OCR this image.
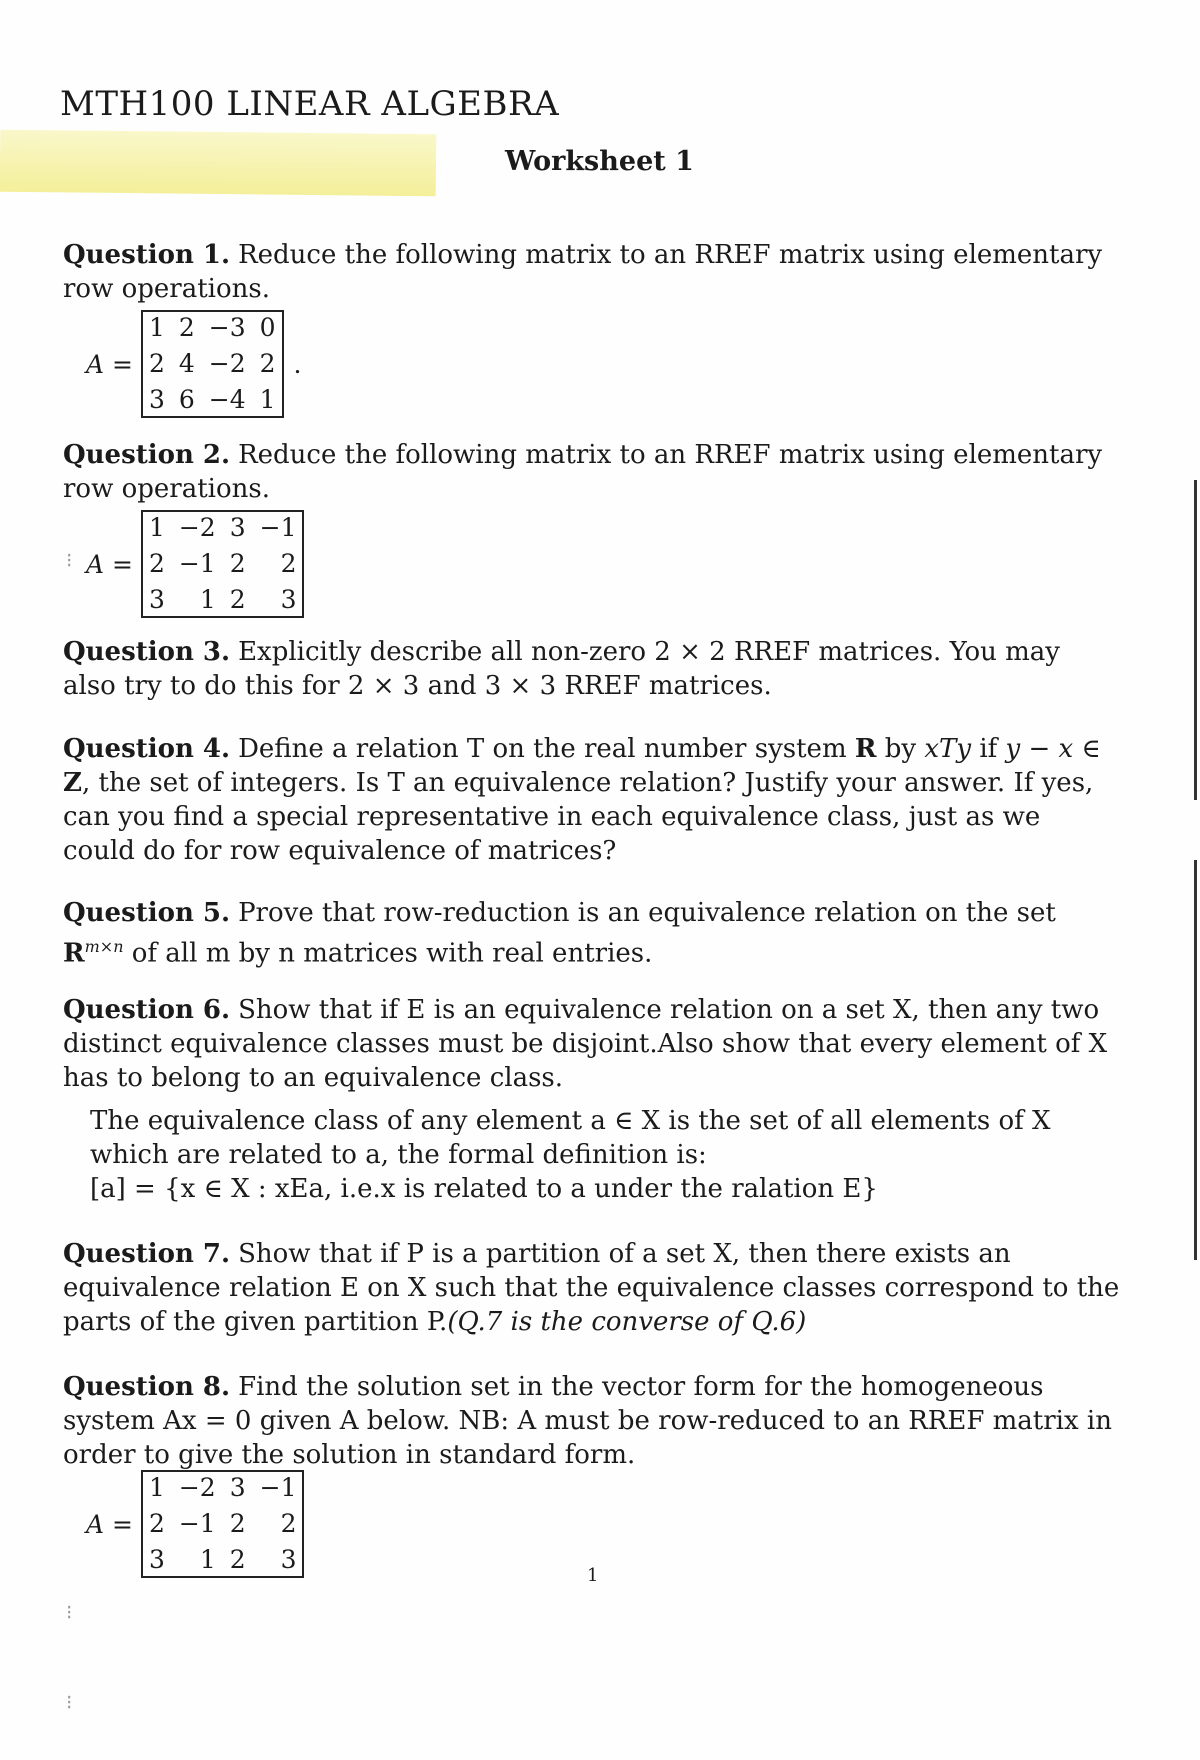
MTH100 LINEAR ALGEBRA
Worksheet 1
Question 1. Reduce the following matrix to an RREF matrix using elementary row operations.
A =
1 2 −3 0
2 4 −2 2
3 6 −4 1
.
Question 2. Reduce the following matrix to an RREF matrix using elementary row operations.
A =
1 −2 3 −1
2 −1 2	2
3	1 2	3
Question 3. Explicitly describe all non-zero 2 × 2 RREF matrices. You may also try to do this for 2 × 3 and 3 × 3 RREF matrices.
Question 4. Define a relation T on the real number system R by xTy if y − x ∈ Z, the set of integers. Is T an equivalence relation? Justify your answer. If yes, can you find a special representative in each equivalence class, just as we could do for row equivalence of matrices?
Question 5. Prove that row-reduction is an equivalence relation on the set $R^{m\times n}$ of all m by n matrices with real entries.
Question 6. Show that if E is an equivalence relation on a set X, then any two distinct equivalence classes must be disjoint.Also show that every element of X has to belong to an equivalence class.
The equivalence class of any element a ∈ X is the set of all elements of X which are related to a, the formal definition is:
[a] = {x ∈ X : xEa, i.e.x is related to a under the ralation E}
Question 7. Show that if P is a partition of a set X, then there exists an equivalence relation E on X such that the equivalence classes correspond to the parts of the given partition P.(Q.7 is the converse of Q.6)
Question 8. Find the solution set in the vector form for the homogeneous system Ax = 0 given A below. NB: A must be row-reduced to an RREF matrix in order to give the solution in standard form.
A =
1 −2 3 −1
2 −1 2	2
3	1 2	3
1
⁝
⁝
⁝
